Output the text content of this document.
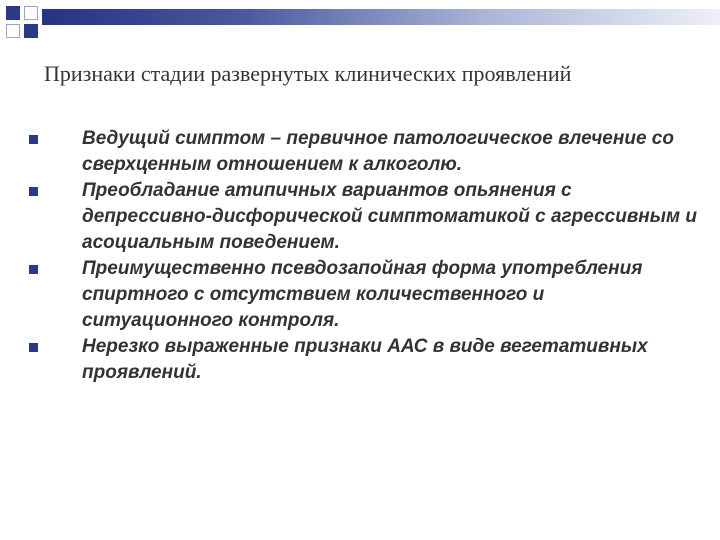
Признаки стадии развернутых клинических проявлений
Ведущий симптом – первичное патологическое влечение со сверхценным отношением к алкоголю.
Преобладание атипичных вариантов опьянения с депрессивно-дисфорической симптоматикой с агрессивным и асоциальным поведением.
Преимущественно псевдозапойная форма употребления спиртного с отсутствием количественного и ситуационного контроля.
Нерезко выраженные признаки ААС в виде вегетативных проявлений.
